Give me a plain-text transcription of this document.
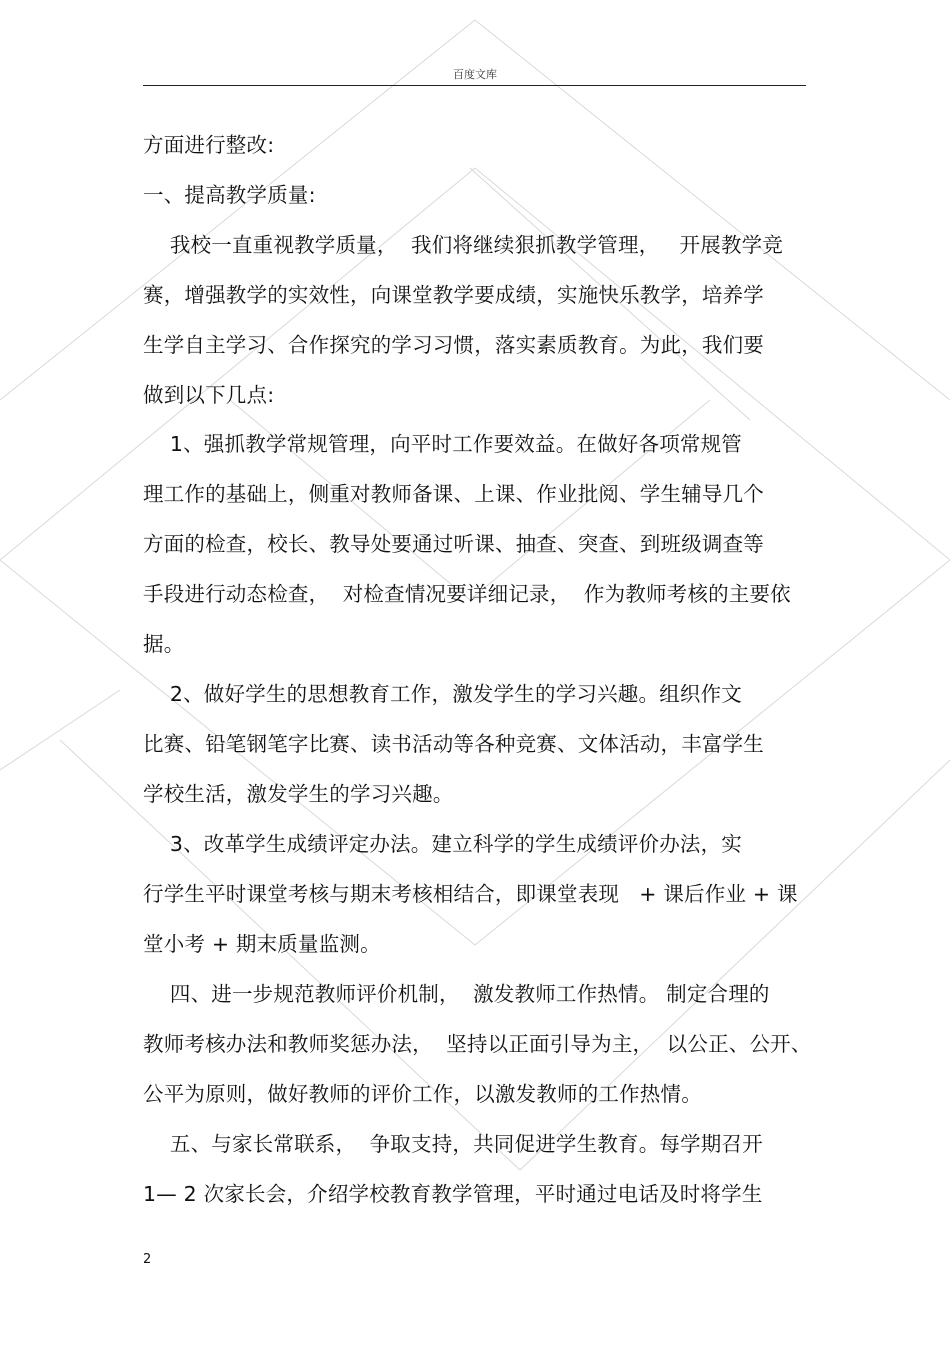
百度文库
方面进行整改:
一、提高教学质量:
我校一直重视教学质量，  我们将继续狠抓教学管理，   开展教学竞
赛，增强教学的实效性，向课堂教学要成绩，实施快乐教学，培养学
生学自主学习、合作探究的学习习惯，落实素质教育。为此，我们要
做到以下几点:
1、强抓教学常规管理，向平时工作要效益。在做好各项常规管
理工作的基础上，侧重对教师备课、上课、作业批阅、学生辅导几个
方面的检查，校长、教导处要通过听课、抽查、突查、到班级调查等
手段进行动态检查，  对检查情况要详细记录，  作为教师考核的主要依
据。
2、做好学生的思想教育工作，激发学生的学习兴趣。组织作文
比赛、铅笔钢笔字比赛、读书活动等各种竞赛、文体活动，丰富学生
学校生活，激发学生的学习兴趣。
3、改革学生成绩评定办法。建立科学的学生成绩评价办法，实
行学生平时课堂考核与期末考核相结合，即课堂表现   + 课后作业 + 课
堂小考 + 期末质量监测。
四、进一步规范教师评价机制，  激发教师工作热情。 制定合理的
教师考核办法和教师奖惩办法，  坚持以正面引导为主，  以公正、公开、
公平为原则，做好教师的评价工作，以激发教师的工作热情。
五、与家长常联系，  争取支持，共同促进学生教育。每学期召开
1— 2 次家长会，介绍学校教育教学管理，平时通过电话及时将学生
2
